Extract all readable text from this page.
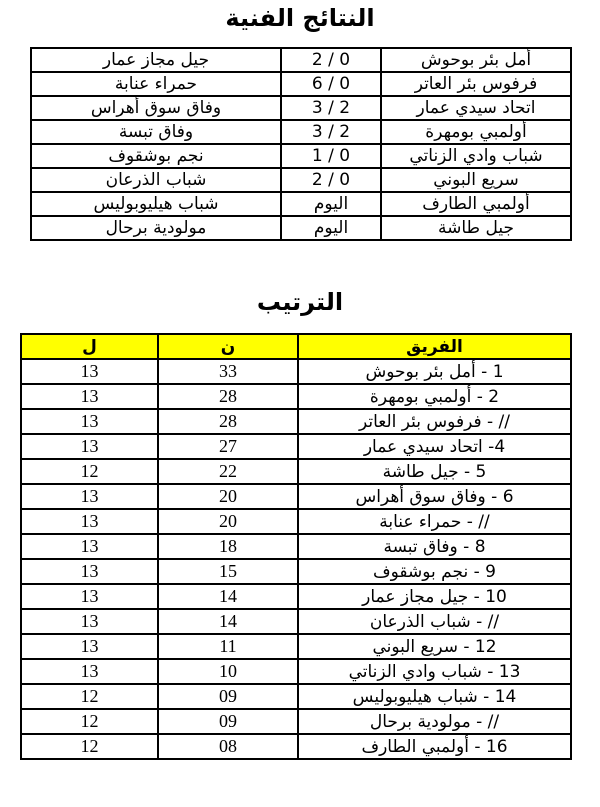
النتائج الفنية
جيل مجاز عمار	2 / 0	أمل بئر بوحوش
حمراء عنابة	6 / 0	فرفوس بئر العاتر
وفاق سوق أهراس	3 / 2	اتحاد سيدي عمار
وفاق تبسة	3 / 2	أولمبي بومهرة
نجم بوشقوف	1 / 0	شباب وادي الزناتي
شباب الذرعان	2 / 0	سريع البوني
شباب هيليوبوليس	اليوم	أولمبي الطارف
مولودية برحال	اليوم	جيل طاشة
الترتيب
ل	ن	الفريق
13	33	1 - أمل بئر بوحوش
13	28	2 - أولمبي بومهرة
13	28	// - فرفوس بئر العاتر
13	27	4- اتحاد سيدي عمار
12	22	5 - جيل طاشة
13	20	6 - وفاق سوق أهراس
13	20	// - حمراء عنابة
13	18	8 - وفاق تبسة
13	15	9 - نجم بوشقوف
13	14	10 - جيل مجاز عمار
13	14	// - شباب الذرعان
13	11	12 - سريع البوني
13	10	13 - شباب وادي الزناتي
12	09	14 - شباب هيليوبوليس
12	09	// - مولودية برحال
12	08	16 - أولمبي الطارف
